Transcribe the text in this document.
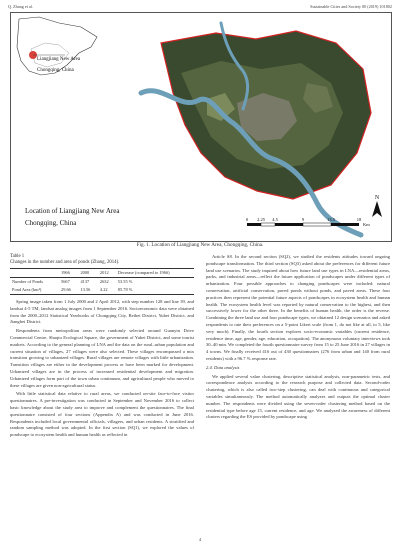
Q. Zhang et al.	Sustainable Cities and Society 00 (2019) 101802
Liangjiang New Area
Chongqing, China
Location of Liangjiang New Area
Chongqing, China	0 2.25 4.5	9	13.5	18
Km
N
Fig. 1. Location of Liangjiang New Area, Chongqing, China.
Table 1
Changes in the number and area of ponds (Zhang, 2014).
	1966	2000	2012	Decrease (compared to 1966)
Number of Ponds	5667	4137	2632	53.55 %
Pond Area (km²)	29.66	13.56	4.22	85.78 %

Spring image taken from 1 July 2000 and 2 April 2012, with step number 128 and line 39, and landsat 4-5 TM, landsat analog images from 1 September 2016. Socioeconomic data were obtained from the 2000–2012 Statistical Yearbooks of Chongqing City, Beibei District, Yubei District, and Jiangbei District.

Respondents from metropolitan areas were randomly selected around Guanyin Drive Commercial Centre, Shuqiu Ecological Square, the government of Yubei District, and some tourist markets. According to the general planning of LNA and the data on the rural–urban population and current situation of villages, 27 villages were also selected. These villages encompassed a mix transition growing to urbanized villages. Rural villages are remote villages with little urbanization. Transition villages are either in the development process or have been marked for development. Urbanized villages are in the process of increased residential development and migration. Urbanized villages form part of the town urban continuum, and agricultural people who moved to these villages are given non-agricultural status.

With little statistical data relative to rural areas, we conducted on-site face-to-face visitor questionnaires. A pre-investigation was conducted in September and November 2016 to collect basic knowledge about the study area to improve and complement the questionnaires. The final questionnaire consisted of four sections (Appendix A) and was conducted in June 2016. Respondents included local governmental officials, villagers, and urban residents. A stratified and random sampling method was adopted. In the first section (SQ1), we explored the values of pondscape to ecosystem health and human health as reflected in

Article S8. In the second section (SQ2), we studied the residents attitudes toward ongoing pondscape transformation. The third section (SQ3) asked about the preferences for different future land use scenarios. The study inquired about how future land use types in LNA—residential areas, parks, and industrial areas—reflect the future application of pondscapes under different types of urbanization. Four possible approaches to changing pondscapes were included: natural conservation, artificial conservation, paved ponds without ponds, and paved areas. These four practices then represent the potential future aspects of pondscapes in ecosystem health and human health. The ecosystem health level was reported by natural conservation to the highest, and then successively lower for the other three. In the benefits of human health, the order is the reverse. Combining the three land use and four pondscape types, we obtained 12 design scenarios and asked respondents to rate their preferences on a 5-point Likert scale (from 1, do not like at all, to 5, like very much). Finally, the fourth section explores socio-economic variables (current residence, residence time, age, gender, age, education, occupation). The anonymous voluntary interviews took 30–40 min. We completed the fourth questionnaire survey from 15 to 25 June 2016 in 27 villages in 4 towns. We finally received 416 out of 430 questionnaires (276 from urban and 140 from rural residents) with a 96.7 % response rate.

2.4. Data analysis

We applied several value clustering, descriptive statistical analysis, non-parametric tests, and correspondence analysis according to the research purpose and collected data. Second-order clustering, which is also called two-step clustering, can deal with continuous and categorical variables simultaneously. The method automatically analyzes and outputs the optimal cluster number. The respondents were divided using the seven-order clustering method based on the residential type before age 15, current residence, and age. We analyzed the awareness of different clusters regarding the ES provided by pondscape using

4
